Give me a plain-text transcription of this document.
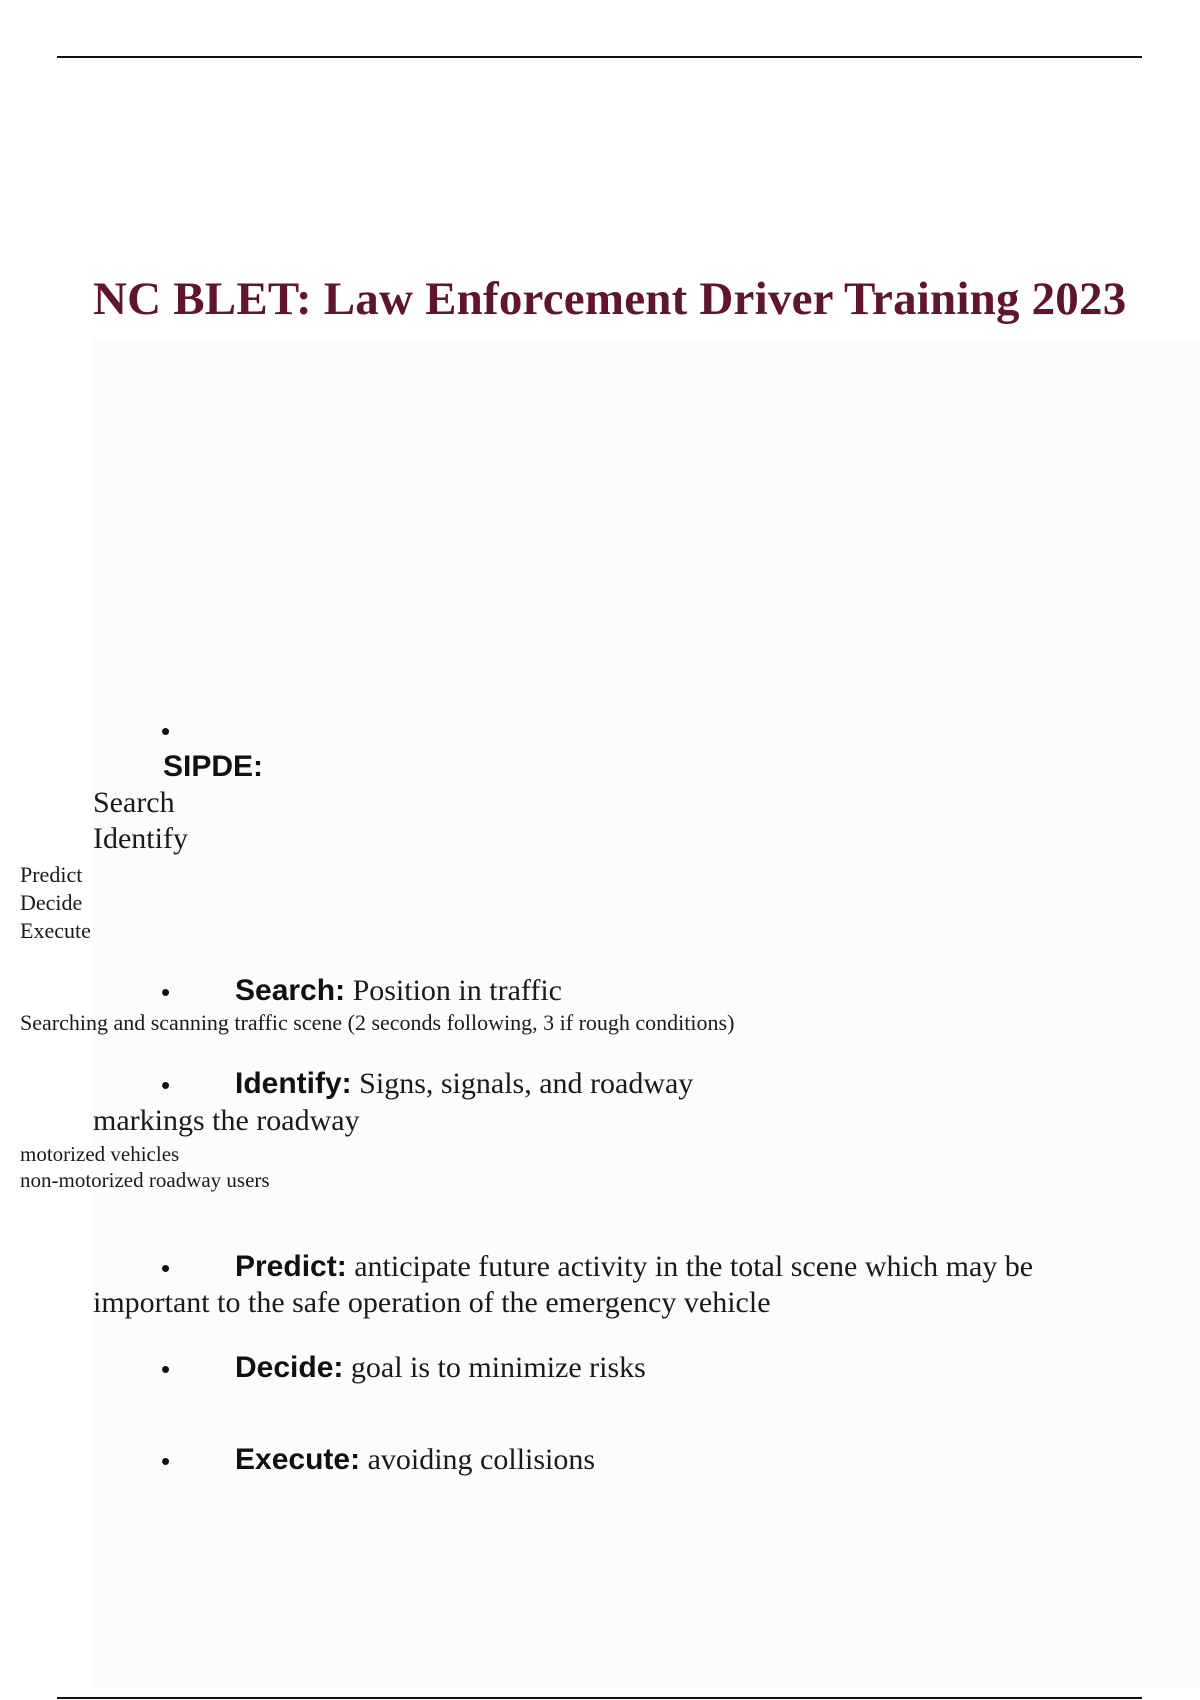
NC BLET: Law Enforcement Driver Training 2023
•
SIPDE:
Search
Identify
Predict
Decide
Execute
• Search: Position in traffic

Searching and scanning traffic scene (2 seconds following, 3 if rough conditions)
• Identify: Signs, signals, and roadway

markings the roadway
motorized vehicles
non-motorized roadway users
• Predict: anticipate future activity in the total scene which may be

important to the safe operation of the emergency vehicle
• Decide: goal is to minimize risks

• Execute: avoiding collisions
